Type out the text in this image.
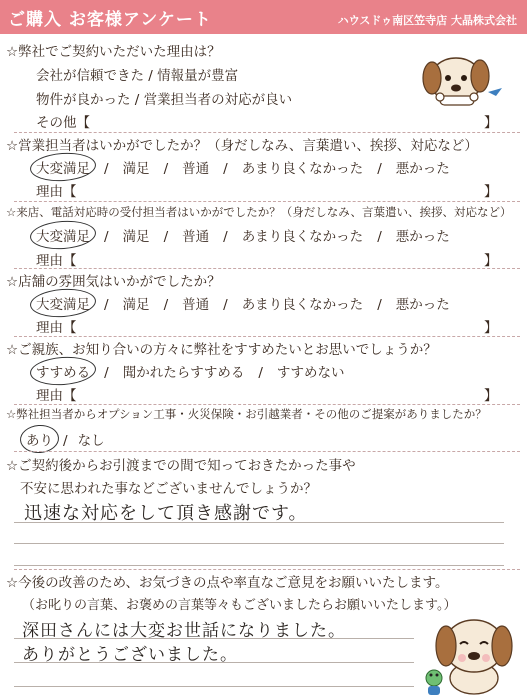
ご購入 お客様アンケート	ハウスドゥ南区笠寺店 大晶株式会社
☆弊社でご契約いただいた理由は？
会社が信頼できた / 情報量が豊富
物件が良かった / 営業担当者の対応が良い
その他【	】
☆営業担当者はいかがでしたか？（身だしなみ、言葉遣い、挨拶、対応など）
大変満足 / 満足 / 普通 / あまり良くなかった / 悪かった
理由【	】
☆来店、電話対応時の受付担当者はいかがでしたか？（身だしなみ、言葉遣い、挨拶、対応など）
大変満足 / 満足 / 普通 / あまり良くなかった / 悪かった
理由【	】
☆店舗の雰囲気はいかがでしたか？
大変満足 / 満足 / 普通 / あまり良くなかった / 悪かった
理由【	】
☆ご親族、お知り合いの方々に弊社をすすめたいとお思いでしょうか？
すすめる / 聞かれたらすすめる / すすめない
理由【	】
☆弊社担当者からオプション工事・火災保険・お引越業者・その他のご提案がありましたか？
あり / なし
☆ご契約後からお引渡までの間で知っておきたかった事や
不安に思われた事などございませんでしょうか？
迅速な対応をして頂き感謝です。
☆今後の改善のため、お気づきの点や率直なご意見をお願いいたします。
（お叱りの言葉、お褒めの言葉等々もございましたらお願いいたします。）
深田さんには大変お世話になりました。
ありがとうございました。
